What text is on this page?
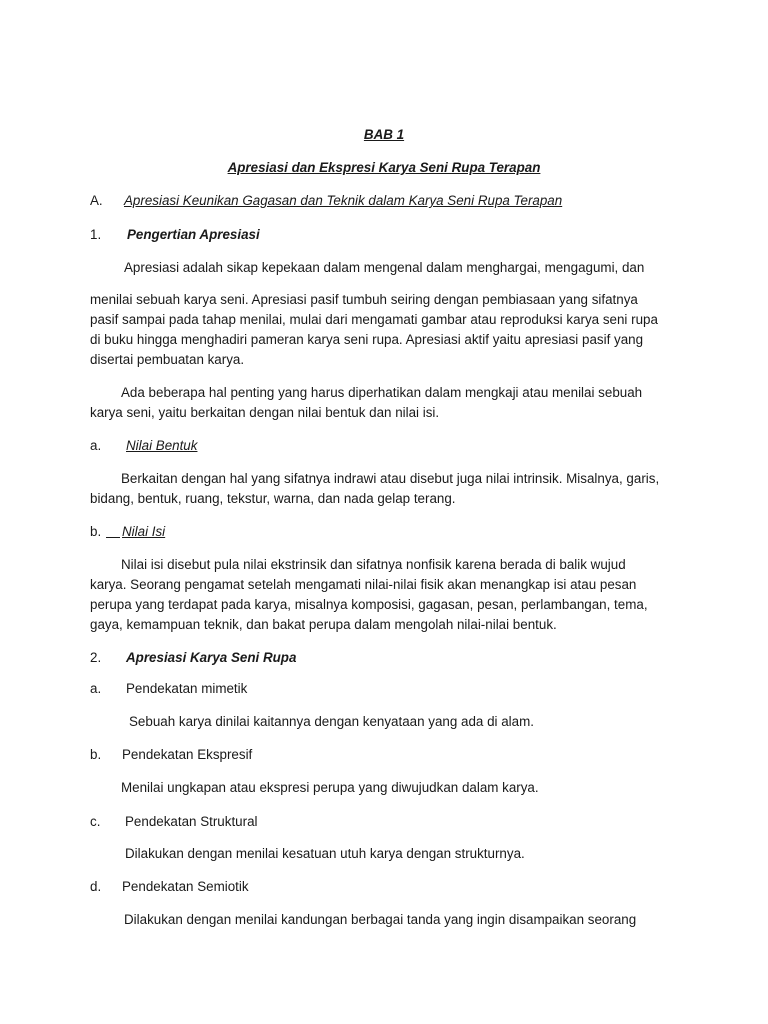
BAB 1
Apresiasi dan Ekspresi Karya Seni Rupa Terapan
A. Apresiasi Keunikan Gagasan dan Teknik dalam Karya Seni Rupa Terapan
1. Pengertian Apresiasi
Apresiasi adalah sikap kepekaan dalam mengenal dalam menghargai, mengagumi, dan
menilai sebuah karya seni. Apresiasi pasif tumbuh seiring dengan pembiasaan yang sifatnya
pasif sampai pada tahap menilai, mulai dari mengamati gambar atau reproduksi karya seni rupa
di buku hingga menghadiri pameran karya seni rupa. Apresiasi aktif yaitu apresiasi pasif yang
disertai pembuatan karya.
Ada beberapa hal penting yang harus diperhatikan dalam mengkaji atau menilai sebuah
karya seni, yaitu berkaitan dengan nilai bentuk dan nilai isi.
a. Nilai Bentuk
Berkaitan dengan hal yang sifatnya indrawi atau disebut juga nilai intrinsik. Misalnya, garis,
bidang, bentuk, ruang, tekstur, warna, dan nada gelap terang.
b. Nilai Isi
Nilai isi disebut pula nilai ekstrinsik dan sifatnya nonfisik karena berada di balik wujud
karya. Seorang pengamat setelah mengamati nilai-nilai fisik akan menangkap isi atau pesan
perupa yang terdapat pada karya, misalnya komposisi, gagasan, pesan, perlambangan, tema,
gaya, kemampuan teknik, dan bakat perupa dalam mengolah nilai-nilai bentuk.
2. Apresiasi Karya Seni Rupa
a. Pendekatan mimetik
Sebuah karya dinilai kaitannya dengan kenyataan yang ada di alam.
b. Pendekatan Ekspresif
Menilai ungkapan atau ekspresi perupa yang diwujudkan dalam karya.
c. Pendekatan Struktural
Dilakukan dengan menilai kesatuan utuh karya dengan strukturnya.
d. Pendekatan Semiotik
Dilakukan dengan menilai kandungan berbagai tanda yang ingin disampaikan seorang
